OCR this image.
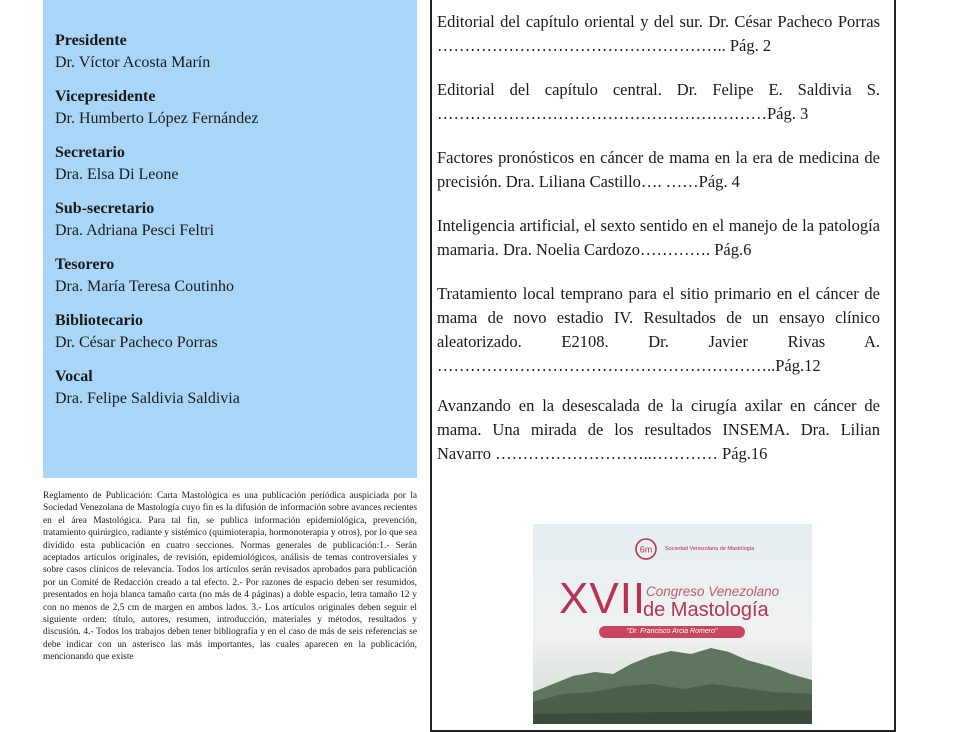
Presidente
Dr. Víctor Acosta Marín
Vicepresidente
Dr. Humberto López Fernández
Secretario
Dra. Elsa Di Leone
Sub-secretario
Dra. Adriana Pesci Feltri
Tesorero
Dra. María Teresa Coutinho
Bibliotecario
Dr. César Pacheco Porras
Vocal
Dra. Felipe Saldivia Saldivia
Reglamento de Publicación: Carta Mastológica es una publicación periódica auspiciada por la Sociedad Venezolana de Mastología cuyo fin es la difusión de información sobre avances recientes en el área Mastológica. Para tal fin, se publica información epidemiológica, prevención, tratamiento quirúrgico, radiante y sistémico (quimioterapia, hormonoterapia y otros), por lo que sea dividido esta publicación en cuatro secciones. Normas generales de publicación:1.- Serán aceptados artículos originales, de revisión, epidemiológicos, análisis de temas controversiales y sobre casos clínicos de relevancia. Todos los artículos serán revisados aprobados para publicación por un Comité de Redacción creado a tal efecto. 2.- Por razones de espacio deben ser resumidos, presentados en hoja blanca tamaño carta (no más de 4 páginas) a doble espacio, letra tamaño 12 y con no menos de 2,5 cm de margen en ambos lados. 3.- Los artículos originales deben seguir el siguiente orden: título, autores, resumen, introducción, materiales y métodos, resultados y discusión. 4.- Todos los trabajos deben tener bibliografía y en el caso de más de seis referencias se debe indicar con un asterisco las más importantes, las cuales aparecen en la publicación, mencionando que existe
Editorial del capítulo oriental y del sur. Dr. César Pacheco Porras …………………………………………….. Pág. 2
Editorial del capítulo central. Dr. Felipe E. Saldivia S. ……………………………………………………Pág. 3
Factores pronósticos en cáncer de mama en la era de medicina de precisión. Dra. Liliana Castillo…. ……Pág. 4
Inteligencia artificial, el sexto sentido en el manejo de la patología mamaria. Dra. Noelia Cardozo…………. Pág.6
Tratamiento local temprano para el sitio primario en el cáncer de mama de novo estadio IV. Resultados de un ensayo clínico aleatorizado. E2108. Dr. Javier Rivas A. ……………………………………………………..Pág.12
Avanzando en la desescalada de la cirugía axilar en cáncer de mama. Una mirada de los resultados INSEMA. Dra. Lilian Navarro ………………………..………… Pág.16
6m Sociedad Venezolana de Mastología
XVII Congreso Venezolano
de Mastología
"Dr. Francisco Arcia Romero"
